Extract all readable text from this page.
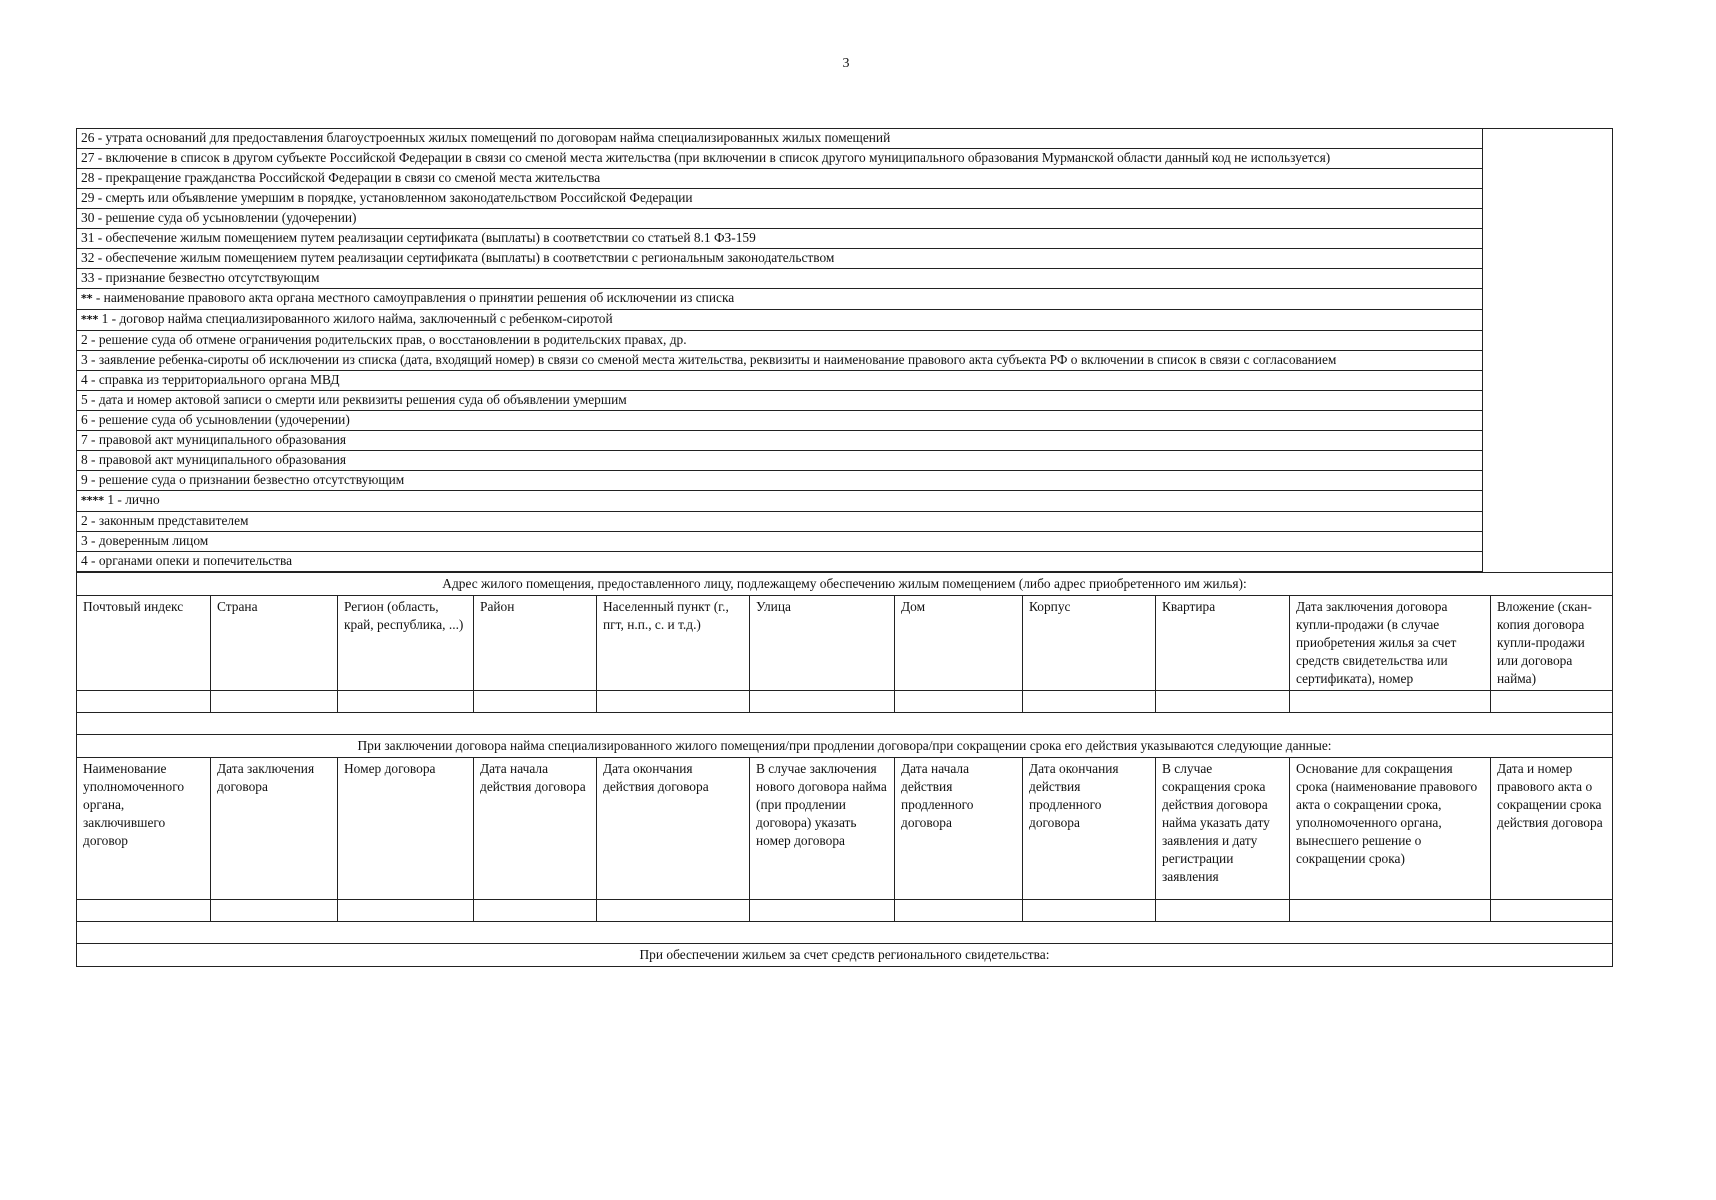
3
26 - утрата оснований для предоставления благоустроенных жилых помещений по договорам найма специализированных жилых помещений	
27 - включение в список в другом субъекте Российской Федерации в связи со сменой места жительства (при включении в список другого муниципального образования Мурманской области данный код не используется)	
28 - прекращение гражданства Российской Федерации в связи со сменой места жительства	
29 - смерть или объявление умершим в порядке, установленном законодательством Российской Федерации	
30 - решение суда об усыновлении (удочерении)	
31 - обеспечение жилым помещением путем реализации сертификата (выплаты) в соответствии со статьей 8.1 ФЗ-159	
32 - обеспечение жилым помещением путем реализации сертификата (выплаты) в соответствии с региональным законодательством	
33 - признание безвестно отсутствующим	
** - наименование правового акта органа местного самоуправления о принятии решения об исключении из списка	
*** 1 - договор найма специализированного жилого найма, заключенный с ребенком-сиротой	
2 - решение суда об отмене ограничения родительских прав, о восстановлении в родительских правах, др.	
3 - заявление ребенка-сироты об исключении из списка (дата, входящий номер) в связи со сменой места жительства, реквизиты и наименование правового акта субъекта РФ о включении в список в связи с согласованием	
4 - справка из территориального органа МВД	
5 - дата и номер актовой записи о смерти или реквизиты решения суда об объявлении умершим	
6 - решение суда об усыновлении (удочерении)	
7 - правовой акт муниципального образования	
8 - правовой акт муниципального образования	
9 - решение суда о признании безвестно отсутствующим	
**** 1 - лично	
2 - законным представителем	
3 - доверенным лицом	
4 - органами опеки и попечительства	
Адрес жилого помещения, предоставленного лицу, подлежащему обеспечению жилым помещением (либо адрес приобретенного им жилья):										
Почтовый индекс	Страна	Регион (область, край, республика, ...)	Район	Населенный пункт (г., пгт, н.п., с. и т.д.)	Улица	Дом	Корпус	Квартира	Дата заключения договора купли-продажи (в случае приобретения жилья за счет средств свидетельства или сертификата), номер	Вложение (скан-копия договора купли-продажи или договора найма)

При заключении договора найма специализированного жилого помещения/при продлении договора/при сокращении срока его действия указываются следующие данные:										
Наименование уполномоченного органа, заключившего договор	Дата заключения договора	Номер договора	Дата начала действия договора	Дата окончания действия договора	В случае заключения нового договора найма (при продлении договора) указать номер договора	Дата начала действия продленного договора	Дата окончания действия продленного договора	В случае сокращения срока действия договора найма указать дату заявления и дату регистрации заявления	Основание для сокращения срока (наименование правового акта о сокращении срока, уполномоченного органа, вынесшего решение о сокращении срока)	Дата и номер правового акта о сокращении срока действия договора

При обеспечении жильем за счет средств регионального свидетельства:										
